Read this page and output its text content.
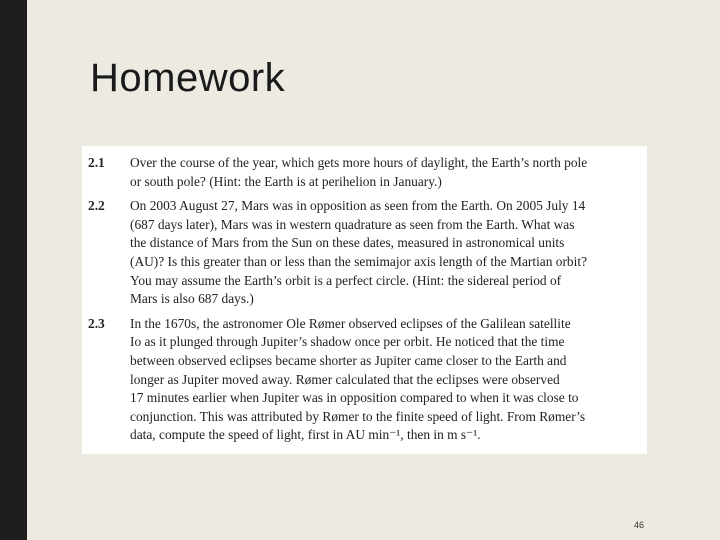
Homework
2.1	Over the course of the year, which gets more hours of daylight, the Earth’s north pole
or south pole? (Hint: the Earth is at perihelion in January.)
2.2	On 2003 August 27, Mars was in opposition as seen from the Earth. On 2005 July 14
(687 days later), Mars was in western quadrature as seen from the Earth. What was
the distance of Mars from the Sun on these dates, measured in astronomical units
(AU)? Is this greater than or less than the semimajor axis length of the Martian orbit?
You may assume the Earth’s orbit is a perfect circle. (Hint: the sidereal period of
Mars is also 687 days.)
2.3	In the 1670s, the astronomer Ole Rømer observed eclipses of the Galilean satellite
Io as it plunged through Jupiter’s shadow once per orbit. He noticed that the time
between observed eclipses became shorter as Jupiter came closer to the Earth and
longer as Jupiter moved away. Rømer calculated that the eclipses were observed
17 minutes earlier when Jupiter was in opposition compared to when it was close to
conjunction. This was attributed by Rømer to the finite speed of light. From Rømer’s
data, compute the speed of light, first in AU min⁻¹, then in m s⁻¹.
46
